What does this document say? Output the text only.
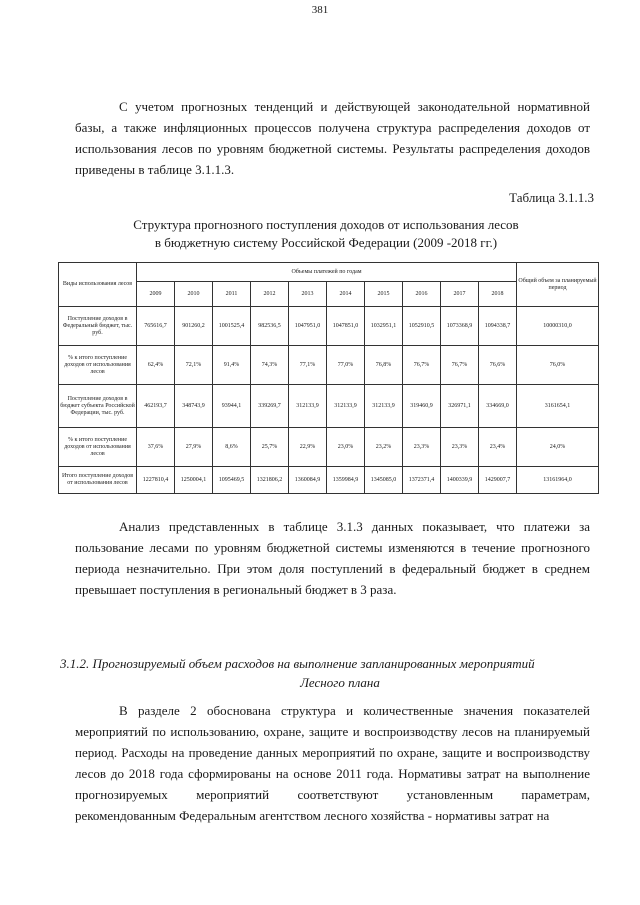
381
С учетом прогнозных тенденций и действующей законодательной нормативной базы, а также инфляционных процессов получена структура распределения доходов от использования лесов по уровням бюджетной системы. Результаты распределения доходов приведены в таблице 3.1.1.3.
Таблица 3.1.1.3
Структура прогнозного поступления доходов от использования лесов
в бюджетную систему Российской Федерации (2009 -2018 гг.)
Виды использования лесов	Объемы платежей по годам										Общий объем за планируемый период
	2009	2010	2011	2012	2013	2014	2015	2016	2017	2018	
Поступление доходов в Федеральный бюджет, тыс. руб.	765616,7	901260,2	1001525,4	982536,5	1047951,0	1047851,0	1032951,1	1052910,5	1073368,9	1094338,7	10000310,0
% к итого поступление доходов от использования лесов	62,4%	72,1%	91,4%	74,3%	77,1%	77,0%	76,8%	76,7%	76,7%	76,6%	76,0%
Поступление доходов в бюджет субъекта Российской Федерации, тыс. руб.	462193,7	348743,9	93944,1	339269,7	312133,9	312133,9	312133,9	319460,9	326971,1	334669,0	3161654,1
% к итого поступление доходов от использования лесов	37,6%	27,9%	8,6%	25,7%	22,9%	23,0%	23,2%	23,3%	23,3%	23,4%	24,0%
Итого поступление доходов от использования лесов	1227810,4	1250004,1	1095469,5	1321806,2	1360084,9	1359984,9	1345085,0	1372371,4	1400339,9	1429007,7	13161964,0
Анализ представленных в таблице 3.1.3 данных показывает, что платежи за пользование лесами по уровням бюджетной системы изменяются в течение прогнозного периода незначительно. При этом доля поступлений в федеральный бюджет в среднем превышает поступления в региональный бюджет в 3 раза.
3.1.2. Прогнозируемый объем расходов на выполнение запланированных мероприятий
Лесного плана
В разделе 2 обоснована структура и количественные значения показателей мероприятий по использованию, охране, защите и воспроизводству лесов на планируемый период. Расходы на проведение данных мероприятий по охране, защите и воспроизводству лесов до 2018 года сформированы на основе 2011 года. Нормативы затрат на выполнение прогнозируемых мероприятий соответствуют установленным параметрам, рекомендованным Федеральным агентством лесного хозяйства - нормативы затрат на
